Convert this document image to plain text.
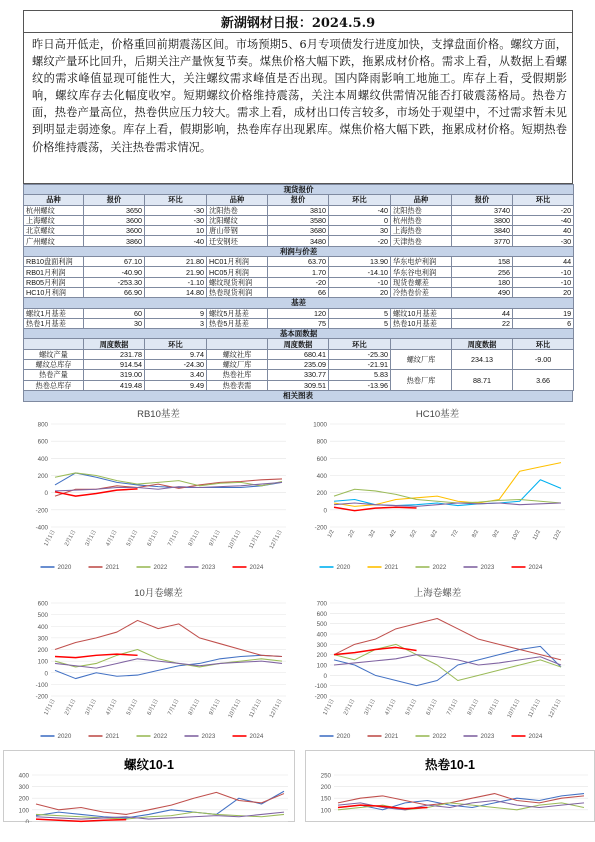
新湖钢材日报：2024.5.9
昨日高开低走，价格重回前期震荡区间。市场预期5、6月专项债发行进度加快，支撑盘面价格。螺纹方面，螺纹产量环比回升，后期关注产量恢复节奏。煤焦价格大幅下跌，拖累成材价格。需求上看，从数据上看螺纹的需求峰值显现可能性大，关注螺纹需求峰值是否出现。国内降雨影响工地施工。库存上看，受假期影响，螺纹库存去化幅度收窄。短期螺纹价格维持震荡，关注本周螺纹供需情况能否打破震荡格局。热卷方面，热卷产量高位，热卷供应压力较大。需求上看，成材出口传言较多，市场处于观望中，不过需求暂未见到明显走弱迹象。库存上看，假期影响，热卷库存出现累库。煤焦价格大幅下跌，拖累成材价格。短期热卷价格维持震荡，关注热卷需求情况。
现货报价								
品种	报价	环比	品种	报价	环比	品种	报价	环比
杭州螺纹	3650	-30	沈阳热卷	3810	-40	沈阳热卷	3740	-20
上海螺纹	3600	-30	沈阳螺纹	3580	0	杭州热卷	3800	-40
北京螺纹	3600	10	唐山带钢	3680	30	上海热卷	3840	40
广州螺纹	3860	-40	迁安钢坯	3480	-20	天津热卷	3770	-30
利润与价差								
RB10盘面利润	67.10	21.80	HC01月利润	63.70	13.90	华东电炉利润	158	44
RB01月利润	-40.90	21.90	HC05月利润	1.70	-14.10	华东谷电利润	256	-10
RB05月利润	-253.30	-1.10	螺纹现货利润	-20	-10	现货卷螺差	180	-10
HC10月利润	66.90	14.80	热卷现货利润	66	20	冷热卷价差	490	20
基差								
螺纹1月基差	60	9	螺纹5月基差	120	5	螺纹10月基差	44	19
热卷1月基差	30	3	热卷5月基差	75	5	热卷10月基差	22	6
基本面数据								
	周度数据	环比		周度数据	环比		周度数据	环比
螺纹产量	231.78	9.74	螺纹社库	680.41	-25.30	螺纹厂库	234.13	-9.00
螺纹总库存	914.54	-24.30	螺纹厂库	235.09	-21.91			
热卷产量	319.00	3.40	热卷社库	330.77	5.83	热卷厂库	88.71	3.66
热卷总库存	419.48	9.49	热卷表需	309.51	-13.96			
相关图表
800
600
400
200
0
-200
-400
1月1日	2月1日	3月1日	4月1日	5月1日	6月1日	7月1日	8月1日	9月1日	10月1日	11月1日	12月1日
2020	2021	2022	2023	2024
RB10基差
1000
800
600
400
200
0
-200
1/2 2/2 3/2 4/2 5/2 6/2 7/2 8/2 9/2 10/2 11/2 12/2
2020	2021	2022	2023	2024
HC10基差
600
500
400
300
200
100
0
-100
-200
1月1日	2月1日	3月1日	4月1日	5月1日	6月1日	7月1日	8月1日	9月1日	10月1日	11月1日	12月1日
2020	2021	2022	2023	2024
10月卷螺差
700
600
500
400
300
200
100
0
-100
-200
1月1日	2月1日	3月1日	4月1日	5月1日	6月1日	7月1日	8月1日	9月1日	10月1日	11月1日	12月1日
2020	2021	2022	2023	2024
上海卷螺差
400
300
200
100
0
螺纹10-1
250
200
150
100
热卷10-1
